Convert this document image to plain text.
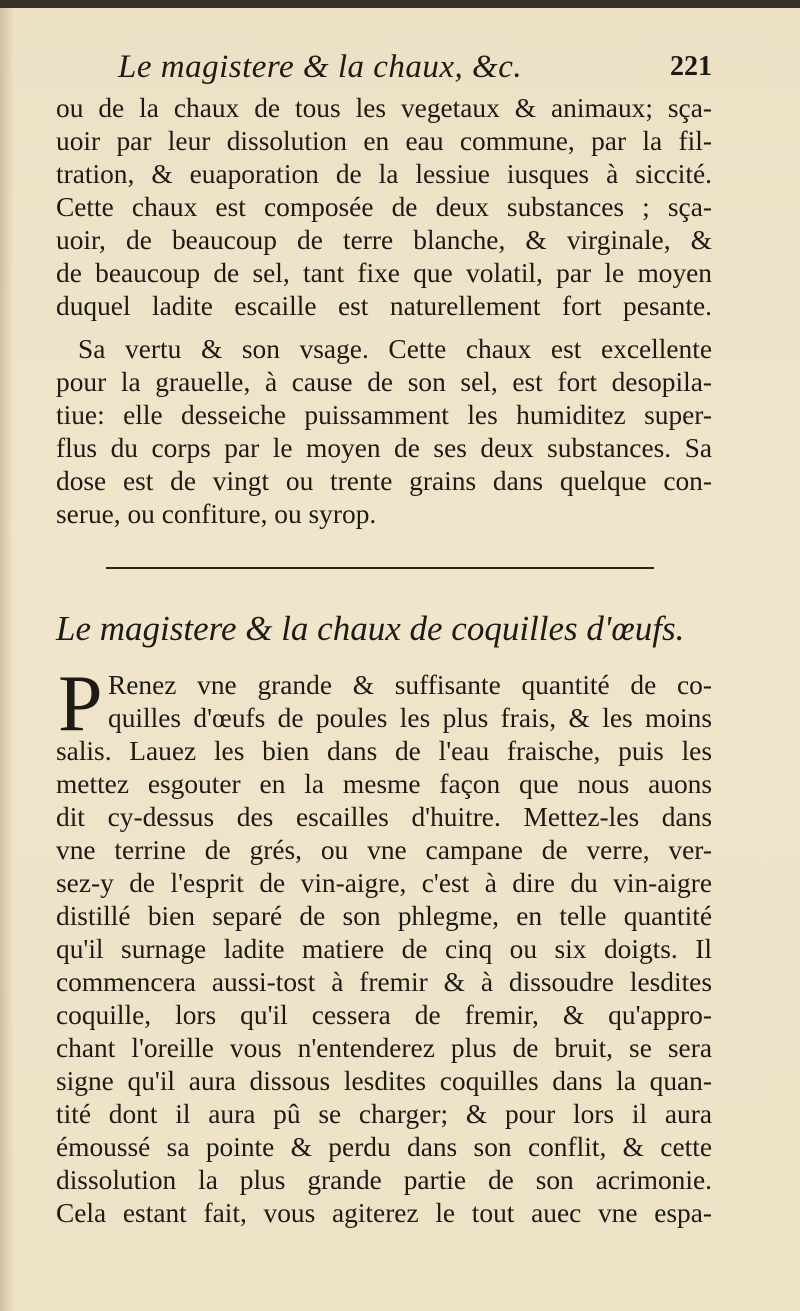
Le magistere & la chaux, &c.	221
ou de la chaux de tous les vegetaux & animaux; sça-
uoir par leur dissolution en eau commune, par la fil-
tration, & euaporation de la lessiue iusques à siccité.
Cette chaux est composée de deux substances ; sça-
uoir, de beaucoup de terre blanche, & virginale, &
de beaucoup de sel, tant fixe que volatil, par le moyen
duquel ladite escaille est naturellement fort pesante.
Sa vertu & son vsage. Cette chaux est excellente
pour la grauelle, à cause de son sel, est fort desopila-
tiue: elle desseiche puissamment les humiditez super-
flus du corps par le moyen de ses deux substances. Sa
dose est de vingt ou trente grains dans quelque con-
serue, ou confiture, ou syrop.
Le magistere & la chaux de coquilles d'œufs.
P Renez vne grande & suffisante quantité de co-
quilles d'œufs de poules les plus frais, & les moins
salis. Lauez les bien dans de l'eau fraische, puis les
mettez esgouter en la mesme façon que nous auons
dit cy-dessus des escailles d'huitre. Mettez-les dans
vne terrine de grés, ou vne campane de verre, ver-
sez-y de l'esprit de vin-aigre, c'est à dire du vin-aigre
distillé bien separé de son phlegme, en telle quantité
qu'il surnage ladite matiere de cinq ou six doigts. Il
commencera aussi-tost à fremir & à dissoudre lesdites
coquille, lors qu'il cessera de fremir, & qu'appro-
chant l'oreille vous n'entenderez plus de bruit, se sera
signe qu'il aura dissous lesdites coquilles dans la quan-
tité dont il aura pû se charger; & pour lors il aura
émoussé sa pointe & perdu dans son conflit, & cette
dissolution la plus grande partie de son acrimonie.
Cela estant fait, vous agiterez le tout auec vne espa-
